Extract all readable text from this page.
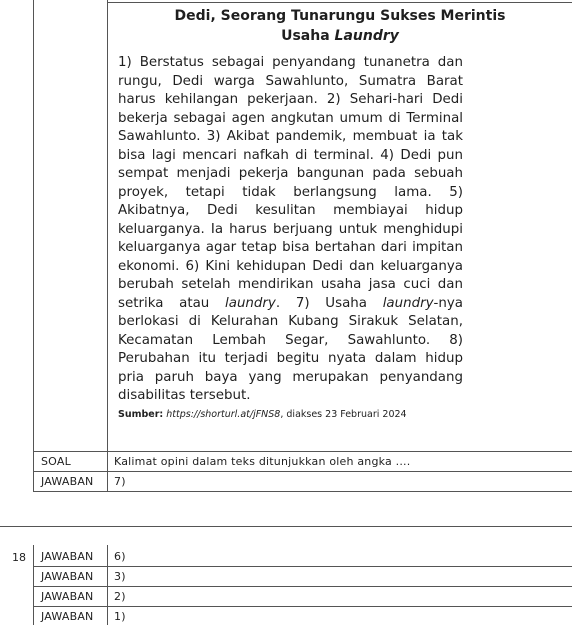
Dedi, Seorang Tunarungu Sukses Merintis
Usaha Laundry
1) Berstatus sebagai penyandang tunanetra dan rungu, Dedi warga Sawahlunto, Sumatra Barat harus kehilangan pekerjaan. 2) Sehari-hari Dedi bekerja sebagai agen angkutan umum di Terminal Sawahlunto. 3) Akibat pandemik, membuat ia tak bisa lagi mencari nafkah di terminal. 4) Dedi pun sempat menjadi pekerja bangunan pada sebuah proyek, tetapi tidak berlangsung lama. 5) Akibatnya, Dedi kesulitan membiayai hidup keluarganya. Ia harus berjuang untuk menghidupi keluarganya agar tetap bisa bertahan dari impitan ekonomi. 6) Kini kehidupan Dedi dan keluarganya berubah setelah mendirikan usaha jasa cuci dan setrika atau laundry. 7) Usaha laundry-nya berlokasi di Kelurahan Kubang Sirakuk Selatan, Kecamatan Lembah Segar, Sawahlunto. 8) Perubahan itu terjadi begitu nyata dalam hidup pria paruh baya yang merupakan penyandang disabilitas tersebut.
Sumber: https://shorturl.at/jFNS8, diakses 23 Februari 2024
SOAL	Kalimat opini dalam teks ditunjukkan oleh angka ....
JAWABAN 7)
18 JAWABAN 6)
JAWABAN 3)
JAWABAN 2)
JAWABAN 1)
